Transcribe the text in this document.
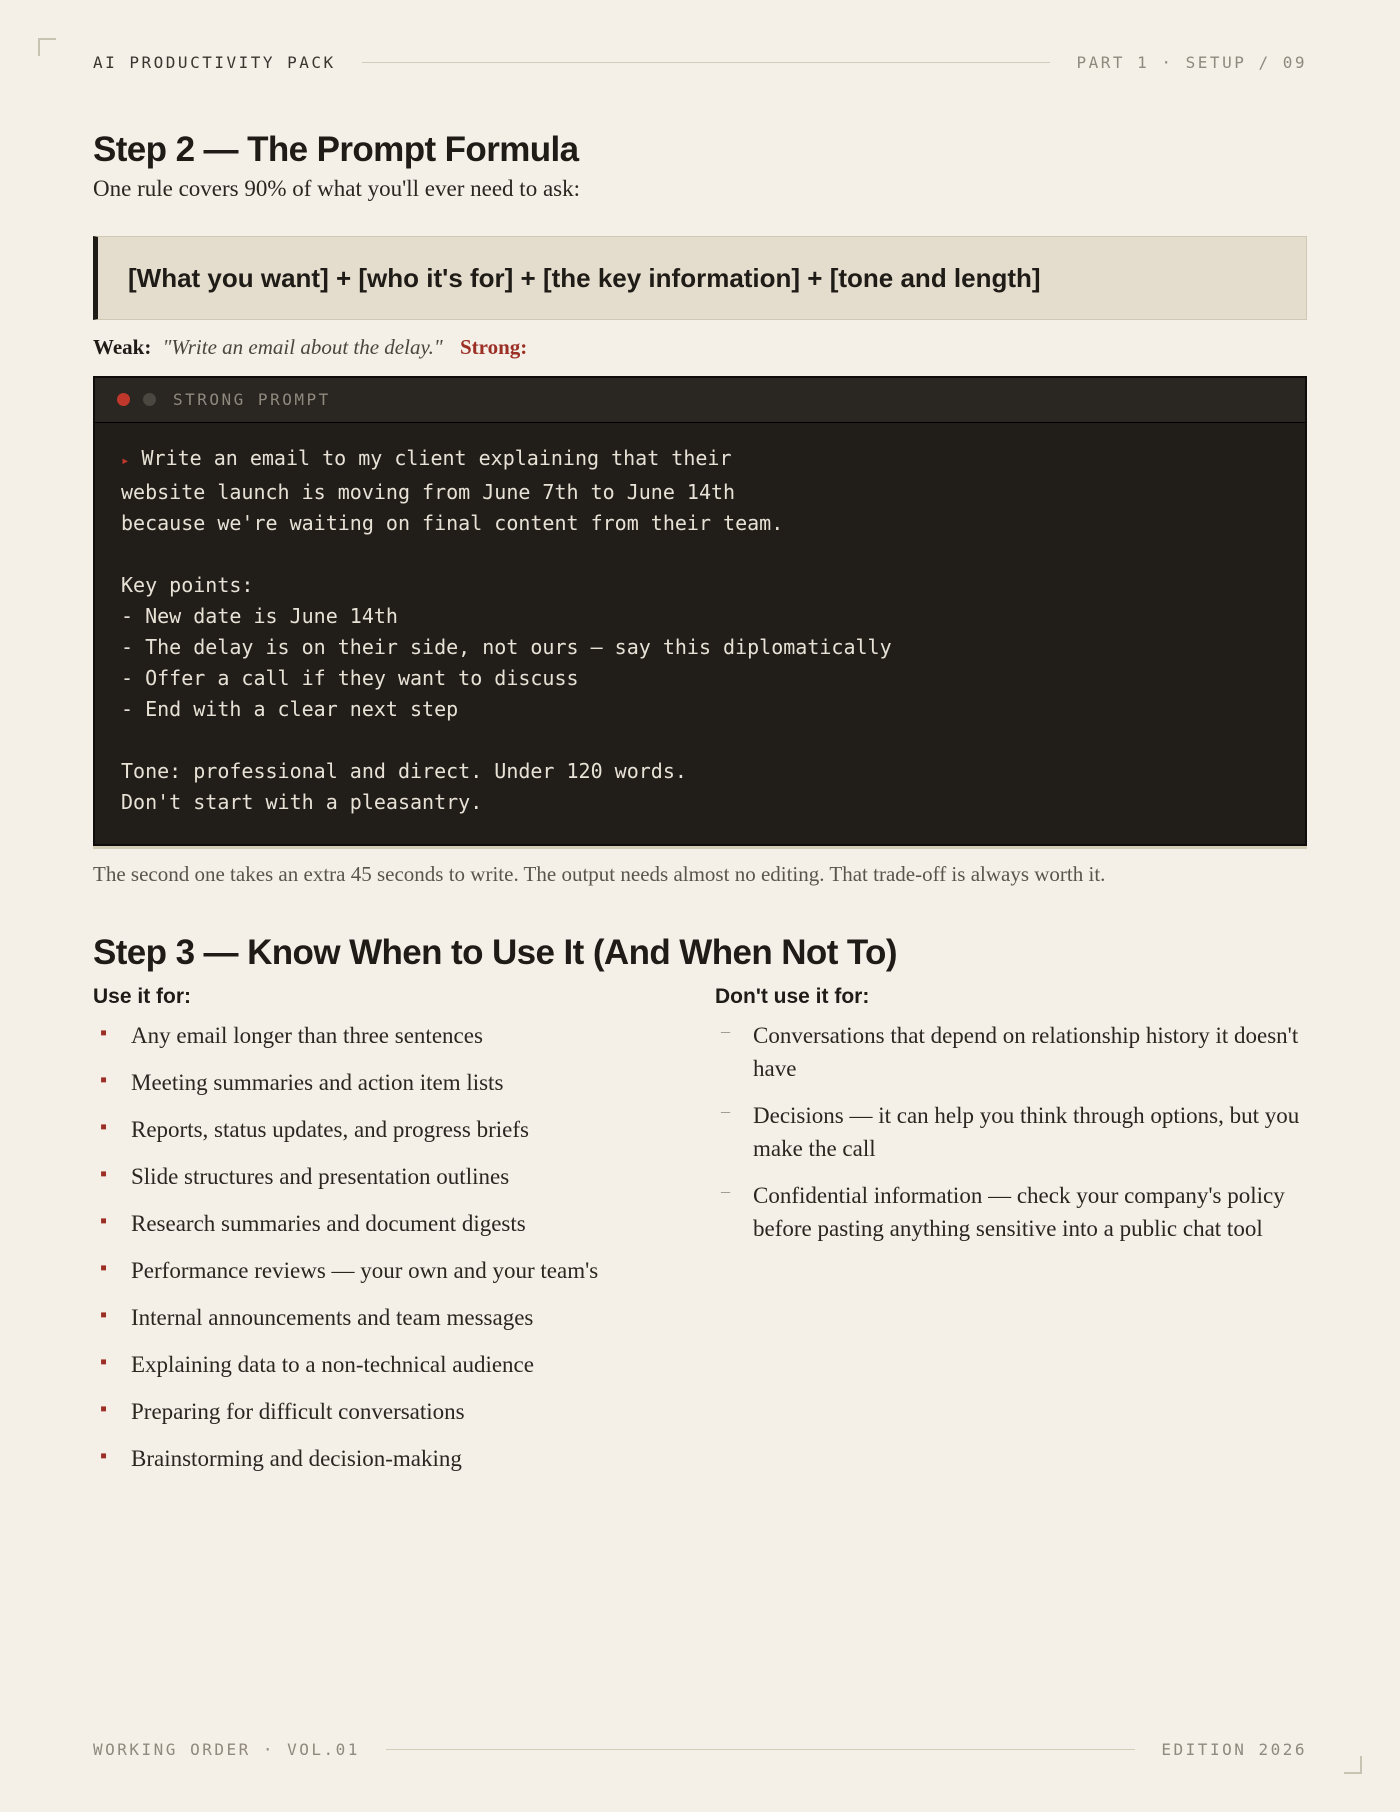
AI PRODUCTIVITY PACK	PART 1 · SETUP / 09
Step 2 — The Prompt Formula

One rule covers 90% of what you'll ever need to ask:

[What you want] + [who it's for] + [the key information] + [tone and length]
Weak: "Write an email about the delay." Strong:
STRONG PROMPT
▸ Write an email to my client explaining that their
website launch is moving from June 7th to June 14th
because we're waiting on final content from their team.

Key points:
- New date is June 14th
- The delay is on their side, not ours — say this diplomatically
- Offer a call if they want to discuss
- End with a clear next step

Tone: professional and direct. Under 120 words.
Don't start with a pleasantry.

The second one takes an extra 45 seconds to write. The output needs almost no editing. That trade-off is always worth it.

Step 3 — Know When to Use It (And When Not To)
Use it for:
▪ Any email longer than three sentences
▪ Meeting summaries and action item lists
▪ Reports, status updates, and progress briefs
▪ Slide structures and presentation outlines
▪ Research summaries and document digests
▪ Performance reviews — your own and your team's
▪ Internal announcements and team messages
▪ Explaining data to a non-technical audience
▪ Preparing for difficult conversations
▪ Brainstorming and decision-making
Don't use it for:
– Conversations that depend on relationship history it doesn't have
– Decisions — it can help you think through options, but you make the call
– Confidential information — check your company's policy before pasting anything sensitive into a public chat tool
WORKING ORDER · VOL.01	EDITION 2026
